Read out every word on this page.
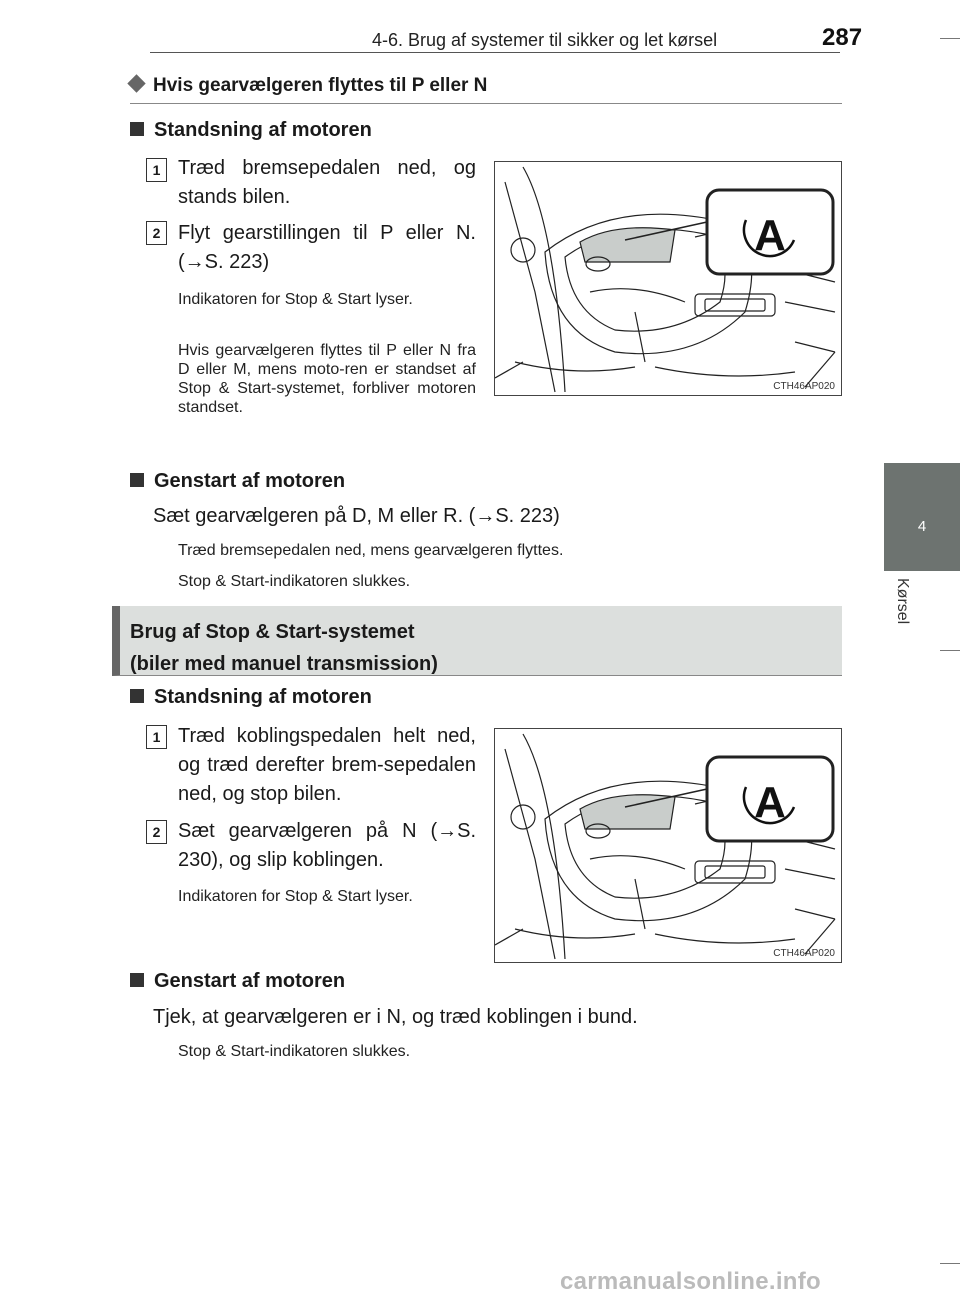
4-6. Brug af systemer til sikker og let kørsel	287
4
Kørsel
Hvis gearvælgeren flyttes til P eller N
Standsning af motoren
1 Træd bremsepedalen ned, og stands bilen.
2 Flyt gearstillingen til P eller N. (→S. 223)
Indikatoren for Stop & Start lyser.
Hvis gearvælgeren flyttes til P eller N fra D eller M, mens moto-ren er standset af Stop & Start-systemet, forbliver motoren standset.
A
CTH46AP020
Genstart af motoren
Sæt gearvælgeren på D, M eller R. (→S. 223)
Træd bremsepedalen ned, mens gearvælgeren flyttes.
Stop & Start-indikatoren slukkes.
Brug af Stop & Start-systemet
(biler med manuel transmission)
Standsning af motoren
1 Træd koblingspedalen helt ned, og træd derefter brem-sepedalen ned, og stop bilen.
2 Sæt gearvælgeren på N (→S. 230), og slip koblingen.
Indikatoren for Stop & Start lyser.
A
CTH46AP020
Genstart af motoren
Tjek, at gearvælgeren er i N, og træd koblingen i bund.
Stop & Start-indikatoren slukkes.
carmanualsonline.info
